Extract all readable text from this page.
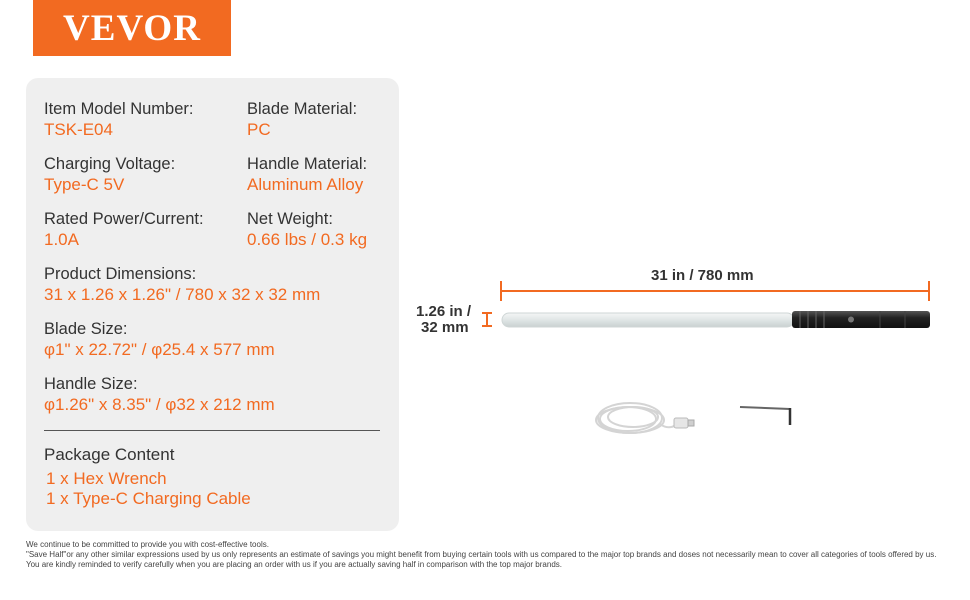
VEVOR
Item Model Number:
TSK-E04
Blade Material:
PC
Charging Voltage:
Type-C 5V
Handle Material:
Aluminum Alloy
Rated Power/Current:
1.0A
Net Weight:
0.66 lbs / 0.3 kg
Product Dimensions:
31 x 1.26 x 1.26" / 780 x 32 x 32 mm
Blade Size:
φ1" x 22.72" / φ25.4 x 577 mm
Handle Size:
φ1.26" x 8.35" / φ32 x 212 mm
Package Content
1 x Hex Wrench
1 x Type-C Charging Cable
31 in / 780 mm
1.26 in /
32 mm
We continue to be committed to provide you with cost-effective tools.
"Save Half"or any other similar expressions used by us only represents an estimate of savings you might benefit from buying certain tools with us compared to the major top brands and doses not necessarily mean to cover all categories of tools offered by us.
You are kindly reminded to verify carefully when you are placing an order with us if you are actually saving half in comparison with the top major brands.
